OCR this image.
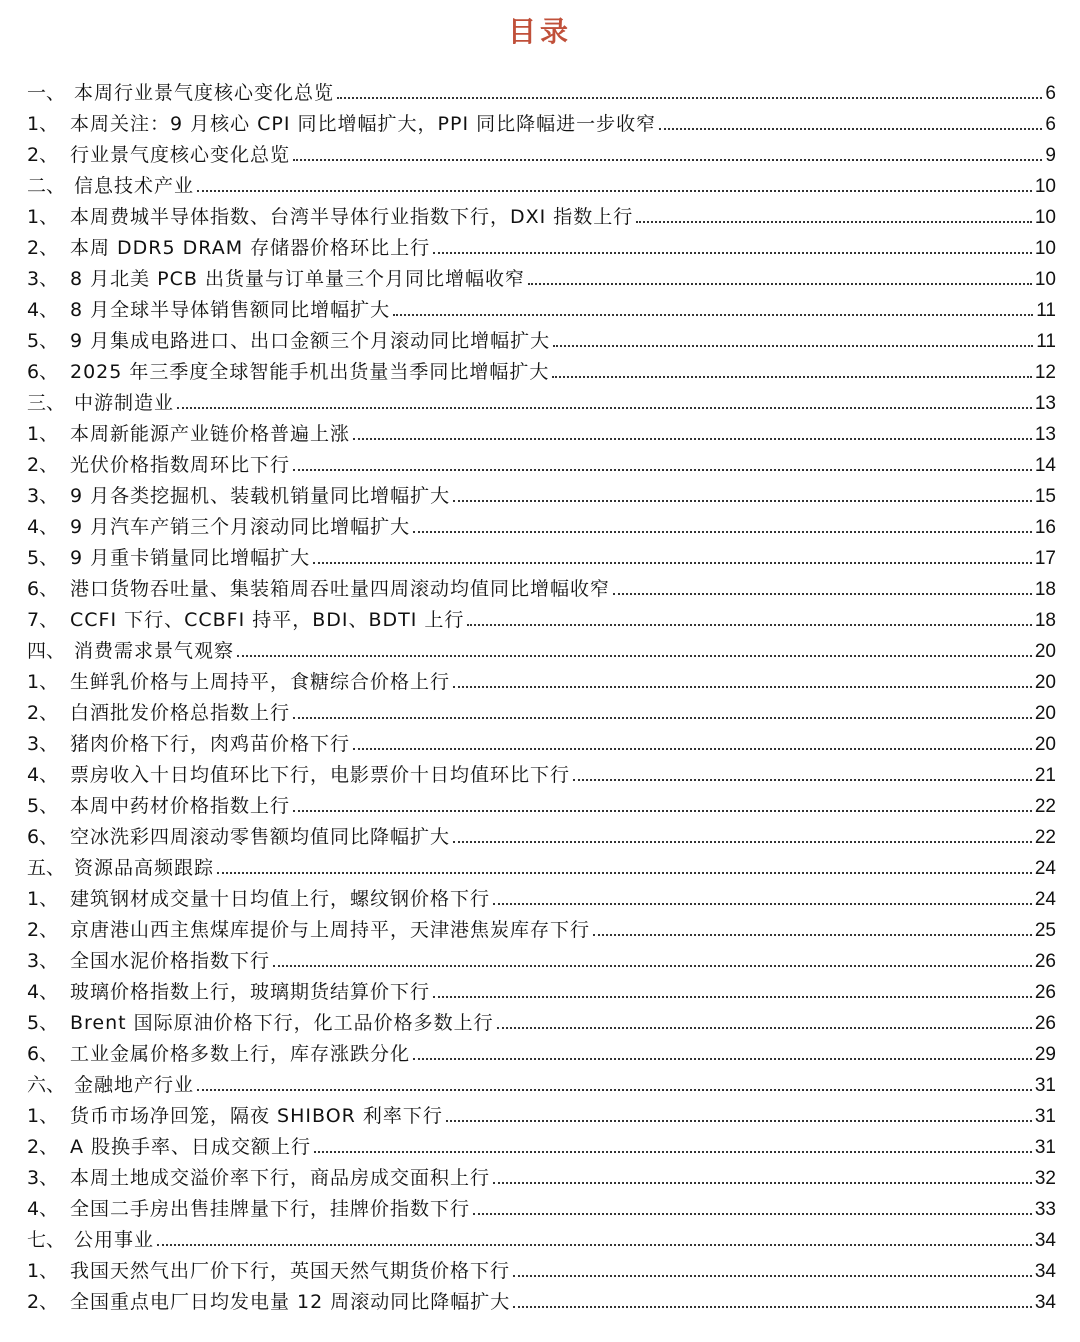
目录
一、 本周行业景气度核心变化总览	6
1、 本周关注：9 月核心 CPI 同比增幅扩大，PPI 同比降幅进一步收窄	6
2、 行业景气度核心变化总览	9
二、 信息技术产业	10
1、 本周费城半导体指数、台湾半导体行业指数下行，DXI 指数上行	10
2、 本周 DDR5 DRAM 存储器价格环比上行	10
3、 8 月北美 PCB 出货量与订单量三个月同比增幅收窄	10
4、 8 月全球半导体销售额同比增幅扩大	11
5、 9 月集成电路进口、出口金额三个月滚动同比增幅扩大	11
6、 2025 年三季度全球智能手机出货量当季同比增幅扩大	12
三、 中游制造业	13
1、 本周新能源产业链价格普遍上涨	13
2、 光伏价格指数周环比下行	14
3、 9 月各类挖掘机、装载机销量同比增幅扩大	15
4、 9 月汽车产销三个月滚动同比增幅扩大	16
5、 9 月重卡销量同比增幅扩大	17
6、 港口货物吞吐量、集装箱周吞吐量四周滚动均值同比增幅收窄	18
7、 CCFI 下行、CCBFI 持平，BDI、BDTI 上行	18
四、 消费需求景气观察	20
1、 生鲜乳价格与上周持平，食糖综合价格上行	20
2、 白酒批发价格总指数上行	20
3、 猪肉价格下行，肉鸡苗价格下行	20
4、 票房收入十日均值环比下行，电影票价十日均值环比下行	21
5、 本周中药材价格指数上行	22
6、 空冰洗彩四周滚动零售额均值同比降幅扩大	22
五、 资源品高频跟踪	24
1、 建筑钢材成交量十日均值上行，螺纹钢价格下行	24
2、 京唐港山西主焦煤库提价与上周持平，天津港焦炭库存下行	25
3、 全国水泥价格指数下行	26
4、 玻璃价格指数上行，玻璃期货结算价下行	26
5、 Brent 国际原油价格下行，化工品价格多数上行	26
6、 工业金属价格多数上行，库存涨跌分化	29
六、 金融地产行业	31
1、 货币市场净回笼，隔夜 SHIBOR 利率下行	31
2、 A 股换手率、日成交额上行	31
3、 本周土地成交溢价率下行，商品房成交面积上行	32
4、 全国二手房出售挂牌量下行，挂牌价指数下行	33
七、 公用事业	34
1、 我国天然气出厂价下行，英国天然气期货价格下行	34
2、 全国重点电厂日均发电量 12 周滚动同比降幅扩大	34
